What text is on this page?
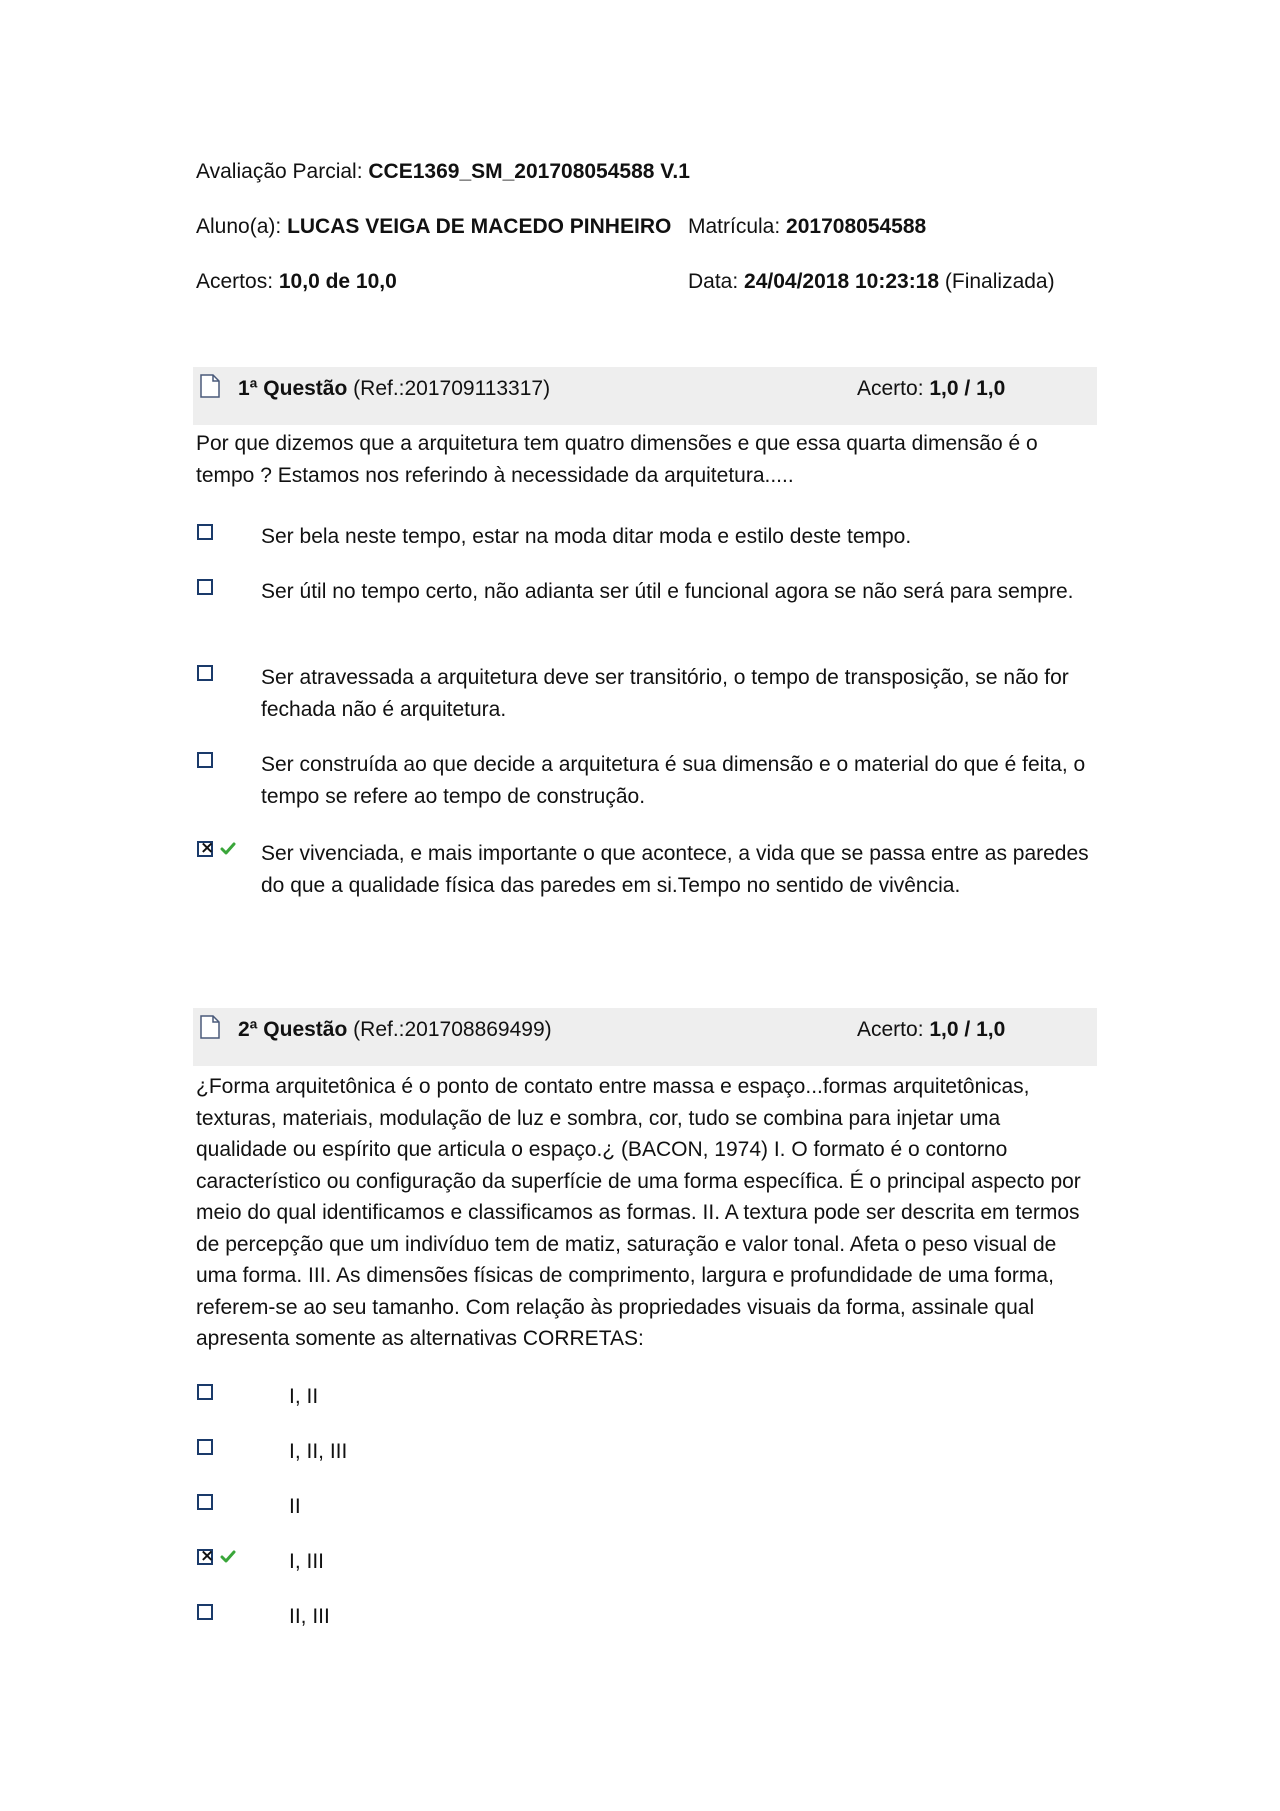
Avaliação Parcial: CCE1369_SM_201708054588 V.1
Aluno(a): LUCAS VEIGA DE MACEDO PINHEIRO Matrícula: 201708054588
Acertos: 10,0 de 10,0	Data: 24/04/2018 10:23:18 (Finalizada)
1ª Questão (Ref.:201709113317)	Acerto: 1,0 / 1,0
Por que dizemos que a arquitetura tem quatro dimensões e que essa quarta dimensão é o tempo ? Estamos nos referindo à necessidade da arquitetura.....
Ser bela neste tempo, estar na moda ditar moda e estilo deste tempo.
Ser útil no tempo certo, não adianta ser útil e funcional agora se não será para sempre.
Ser atravessada a arquitetura deve ser transitório, o tempo de transposição, se não for fechada não é arquitetura.
Ser construída ao que decide a arquitetura é sua dimensão e o material do que é feita, o tempo se refere ao tempo de construção.
×
Ser vivenciada, e mais importante o que acontece, a vida que se passa entre as paredes do que a qualidade física das paredes em si.Tempo no sentido de vivência.
2ª Questão (Ref.:201708869499)	Acerto: 1,0 / 1,0
¿Forma arquitetônica é o ponto de contato entre massa e espaço...formas arquitetônicas, texturas, materiais, modulação de luz e sombra, cor, tudo se combina para injetar uma qualidade ou espírito que articula o espaço.¿ (BACON, 1974) I. O formato é o contorno característico ou configuração da superfície de uma forma específica. É o principal aspecto por meio do qual identificamos e classificamos as formas. II. A textura pode ser descrita em termos de percepção que um indivíduo tem de matiz, saturação e valor tonal. Afeta o peso visual de uma forma. III. As dimensões físicas de comprimento, largura e profundidade de uma forma, referem-se ao seu tamanho. Com relação às propriedades visuais da forma, assinale qual apresenta somente as alternativas CORRETAS:
I, II
I, II, III
II
×
I, III
II, III
